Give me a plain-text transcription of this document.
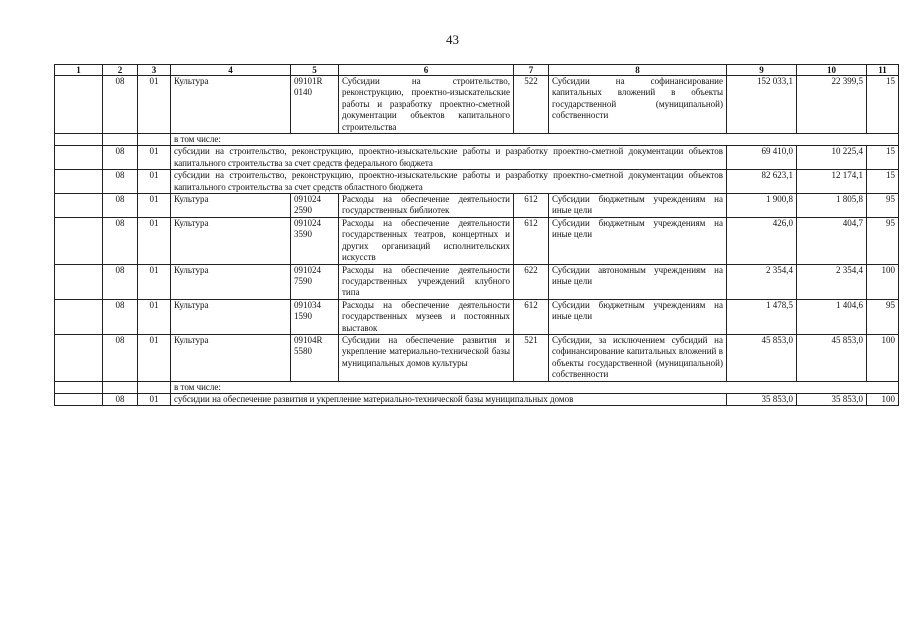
43
1	2	3	4	5	6	7	8	9	10	11
	08	01	Культура	09101R 0140	Субсидии на строительство, реконструкцию, проектно-изыскательские работы и разработку проектно-сметной документации объектов капитального строительства	522	Субсидии на софинансирование капитальных вложений в объекты государственной (муниципальной) собственности	152 033,1	22 399,5	15
			в том числе:							
	08	01	субсидии на строительство, реконструкцию, проектно-изыскательские работы и разработку проектно-сметной документации объектов капитального строительства за счет средств федерального бюджета					69 410,0	10 225,4	15
	08	01	субсидии на строительство, реконструкцию, проектно-изыскательские работы и разработку проектно-сметной документации объектов капитального строительства за счет средств областного бюджета					82 623,1	12 174,1	15
	08	01	Культура	091024 2590	Расходы на обеспечение деятельности государственных библиотек	612	Субсидии бюджетным учреждениям на иные цели	1 900,8	1 805,8	95
	08	01	Культура	091024 3590	Расходы на обеспечение деятельности государственных театров, концертных и других организаций исполнительских искусств	612	Субсидии бюджетным учреждениям на иные цели	426,0	404,7	95
	08	01	Культура	091024 7590	Расходы на обеспечение деятельности государственных учреждений клубного типа	622	Субсидии автономным учреждениям на иные цели	2 354,4	2 354,4	100
	08	01	Культура	091034 1590	Расходы на обеспечение деятельности государственных музеев и постоянных выставок	612	Субсидии бюджетным учреждениям на иные цели	1 478,5	1 404,6	95
	08	01	Культура	09104R 5580	Субсидии на обеспечение развития и укрепление материально-технической базы муниципальных домов культуры	521	Субсидии, за исключением субсидий на софинансирование капитальных вложений в объекты государственной (муниципальной) собственности	45 853,0	45 853,0	100
			в том числе:							
	08	01	субсидии на обеспечение развития и укрепление материально-технической базы муниципальных домов					35 853,0	35 853,0	100
